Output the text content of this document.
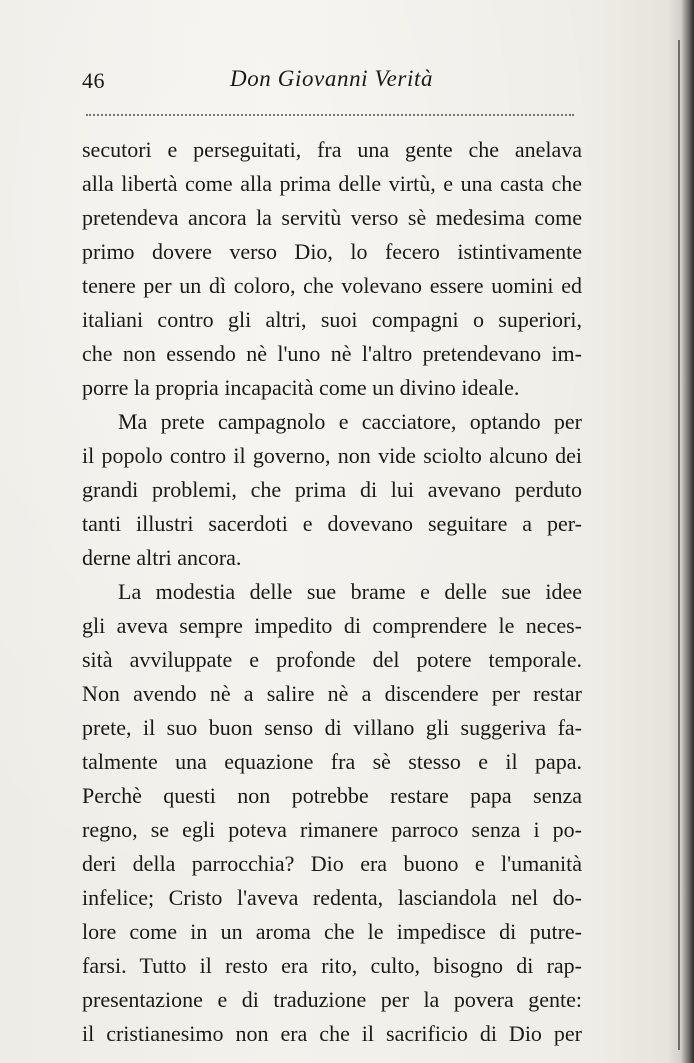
46	Don Giovanni Verità
secutori e perseguitati, fra una gente che anelava
alla libertà come alla prima delle virtù, e una casta che
pretendeva ancora la servitù verso sè medesima come
primo dovere verso Dio, lo fecero istintivamente
tenere per un dì coloro, che volevano essere uomini ed
italiani contro gli altri, suoi compagni o superiori,
che non essendo nè l'uno nè l'altro pretendevano im-
porre la propria incapacità come un divino ideale.
Ma prete campagnolo e cacciatore, optando per
il popolo contro il governo, non vide sciolto alcuno dei
grandi problemi, che prima di lui avevano perduto
tanti illustri sacerdoti e dovevano seguitare a per-
derne altri ancora.
La modestia delle sue brame e delle sue idee
gli aveva sempre impedito di comprendere le neces-
sità avviluppate e profonde del potere temporale.
Non avendo nè a salire nè a discendere per restar
prete, il suo buon senso di villano gli suggeriva fa-
talmente una equazione fra sè stesso e il papa.
Perchè questi non potrebbe restare papa senza
regno, se egli poteva rimanere parroco senza i po-
deri della parrocchia? Dio era buono e l'umanità
infelice; Cristo l'aveva redenta, lasciandola nel do-
lore come in un aroma che le impedisce di putre-
farsi. Tutto il resto era rito, culto, bisogno di rap-
presentazione e di traduzione per la povera gente:
il cristianesimo non era che il sacrificio di Dio per
